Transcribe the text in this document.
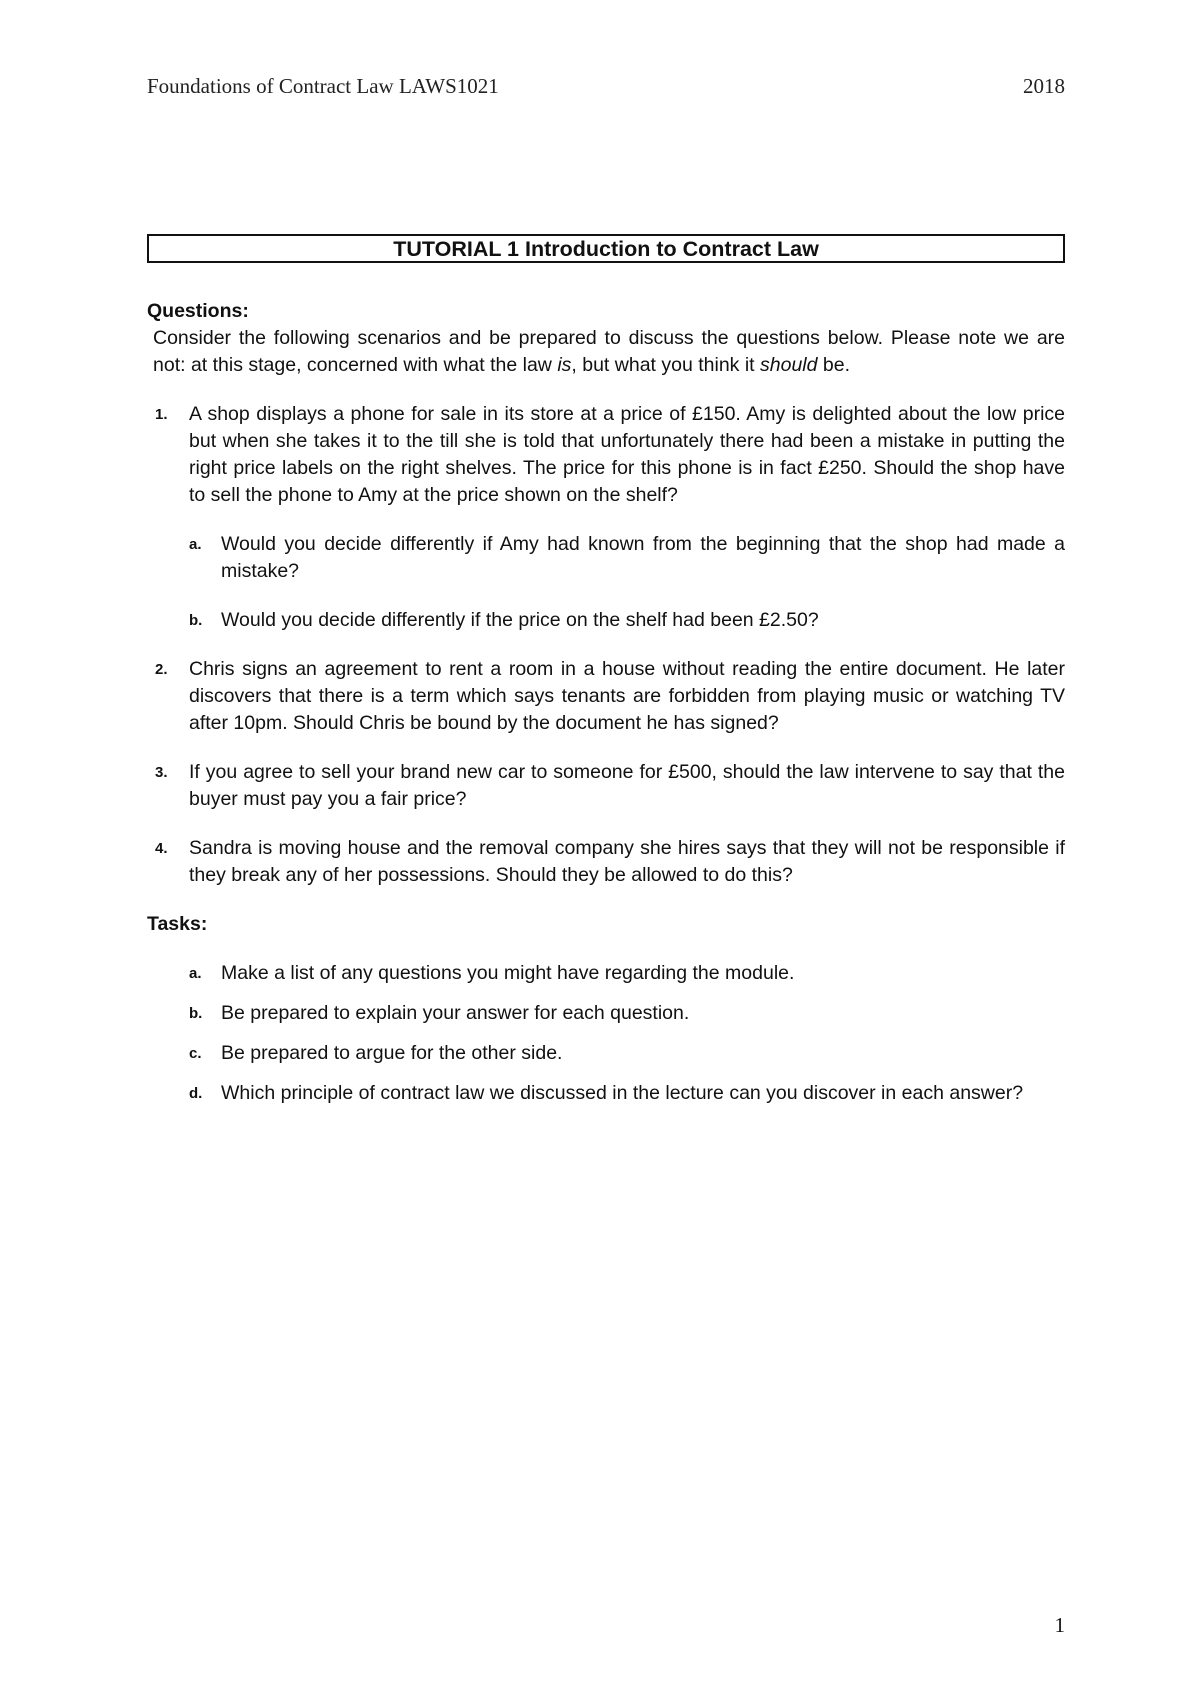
Foundations of Contract Law LAWS1021	2018
TUTORIAL 1 Introduction to Contract Law

Questions:

Consider the following scenarios and be prepared to discuss the questions below. Please note we are not: at this stage, concerned with what the law is, but what you think it should be.

1.	A shop displays a phone for sale in its store at a price of £150. Amy is delighted about the low price but when she takes it to the till she is told that unfortunately there had been a mistake in putting the right price labels on the right shelves. The price for this phone is in fact £250. Should the shop have to sell the phone to Amy at the price shown on the shelf?
a. Would you decide differently if Amy had known from the beginning that the shop had made a mistake?
b. Would you decide differently if the price on the shelf had been £2.50?
2.	Chris signs an agreement to rent a room in a house without reading the entire document. He later discovers that there is a term which says tenants are forbidden from playing music or watching TV after 10pm. Should Chris be bound by the document he has signed?
3.	If you agree to sell your brand new car to someone for £500, should the law intervene to say that the buyer must pay you a fair price?
4.	Sandra is moving house and the removal company she hires says that they will not be responsible if they break any of her possessions. Should they be allowed to do this?

Tasks:

a. Make a list of any questions you might have regarding the module.
b. Be prepared to explain your answer for each question.
c. Be prepared to argue for the other side.
d. Which principle of contract law we discussed in the lecture can you discover in each answer?
1
